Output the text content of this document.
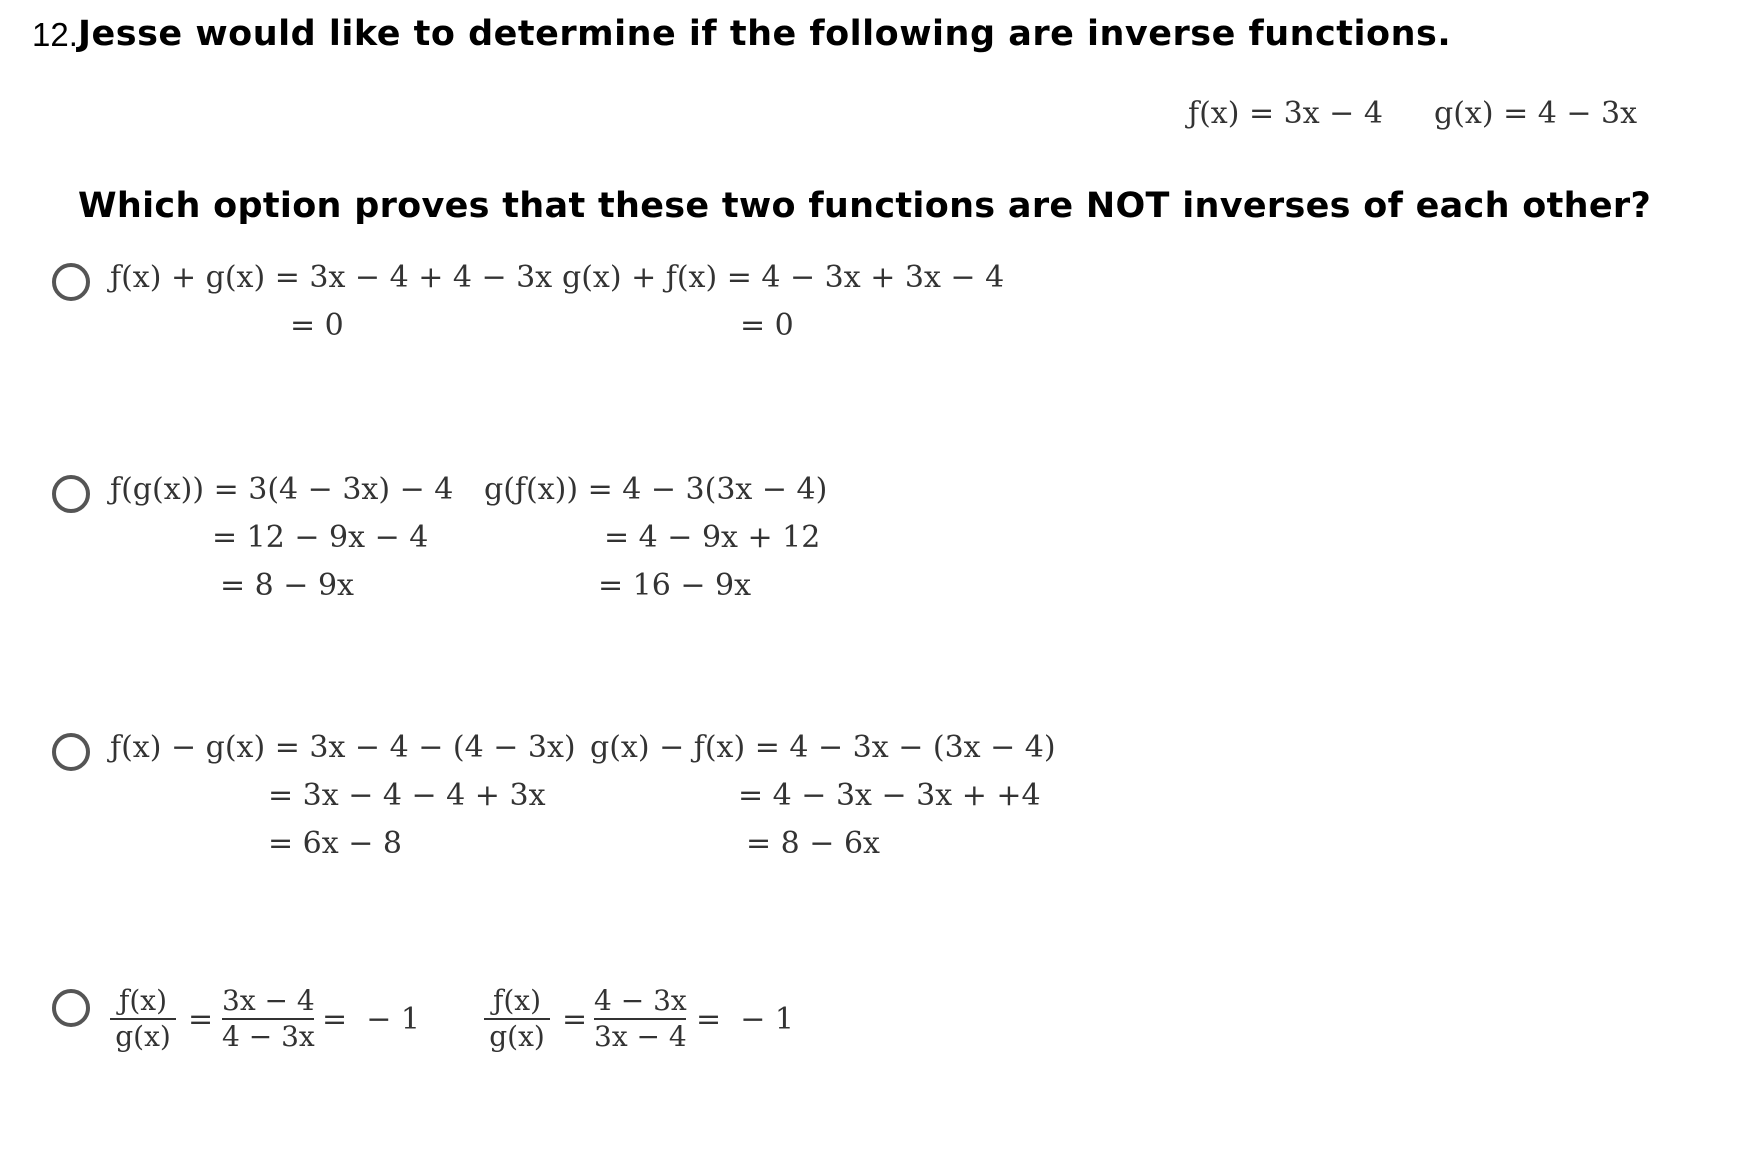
12. Jesse would like to determine if the following are inverse functions.
ƒ(x) = 3x − 4 g(x) = 4 − 3x
Which option proves that these two functions are NOT inverses of each other?
ƒ(x) + g(x) = 3x − 4 + 4 − 3x
= 0
g(x) + ƒ(x) = 4 − 3x + 3x − 4
= 0
ƒ(g(x)) = 3(4 − 3x) − 4
= 12 − 9x − 4
= 8 − 9x
g(ƒ(x)) = 4 − 3(3x − 4)
= 4 − 9x + 12
= 16 − 9x
ƒ(x) − g(x) = 3x − 4 − (4 − 3x)
= 3x − 4 − 4 + 3x
= 6x − 8
g(x) − ƒ(x) = 4 − 3x − (3x − 4)
= 4 − 3x − 3x + +4
= 8 − 6x
ƒ(x)
g(x) =
3x − 4
4 − 3x =  − 1
ƒ(x)
g(x) =
4 − 3x
3x − 4 =  − 1
